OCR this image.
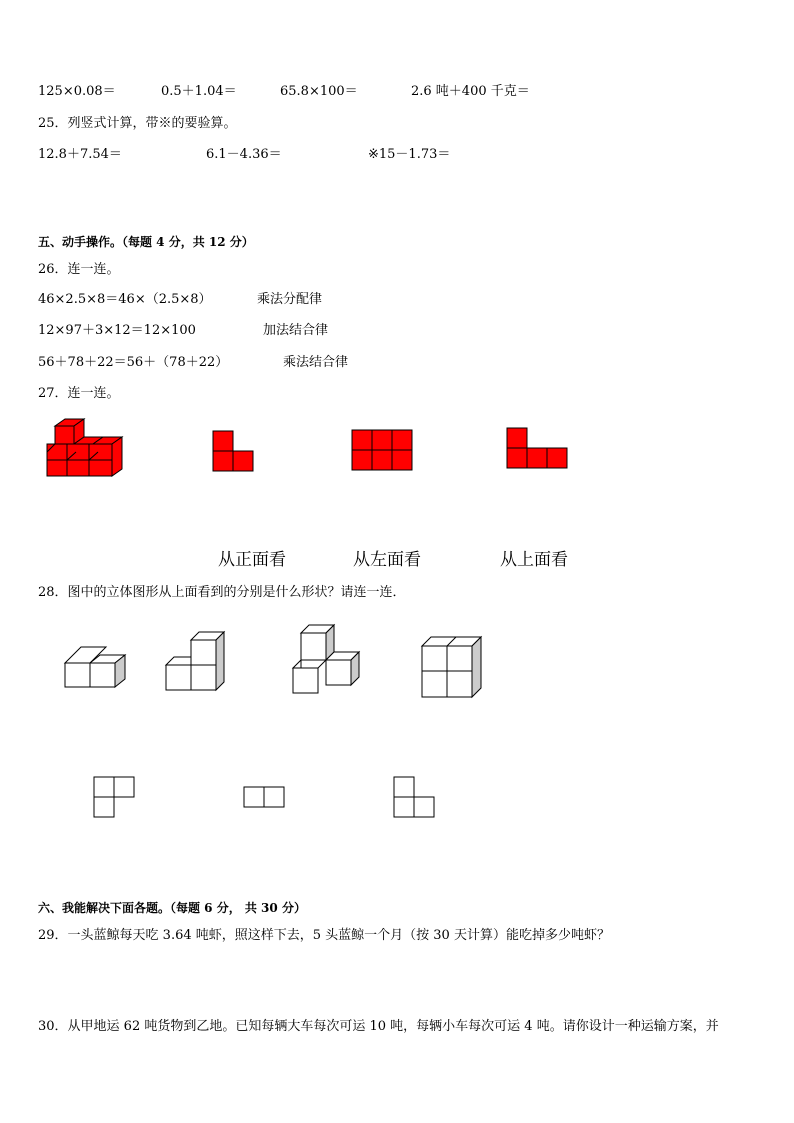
125×0.08＝	0.5＋1.04＝	65.8×100＝	2.6 吨＋400 千克＝
25．列竖式计算，带※的要验算。
12.8＋7.54＝	6.1－4.36＝	※15－1.73＝
五、动手操作。（每题 4 分，共 12 分）
26．连一连。
46×2.5×8＝46×（2.5×8）	乘法分配律
12×97＋3×12＝12×100	加法结合律
56＋78＋22＝56＋（78＋22）	乘法结合律
27．连一连。
从正面看	从左面看	从上面看
28．图中的立体图形从上面看到的分别是什么形状？请连一连．
六、我能解决下面各题。（每题 6 分， 共 30 分）
29．一头蓝鲸每天吃 3.64 吨虾，照这样下去，5 头蓝鲸一个月（按 30 天计算）能吃掉多少吨虾？
30．从甲地运 62 吨货物到乙地。已知每辆大车每次可运 10 吨，每辆小车每次可运 4 吨。请你设计一种运输方案，并
